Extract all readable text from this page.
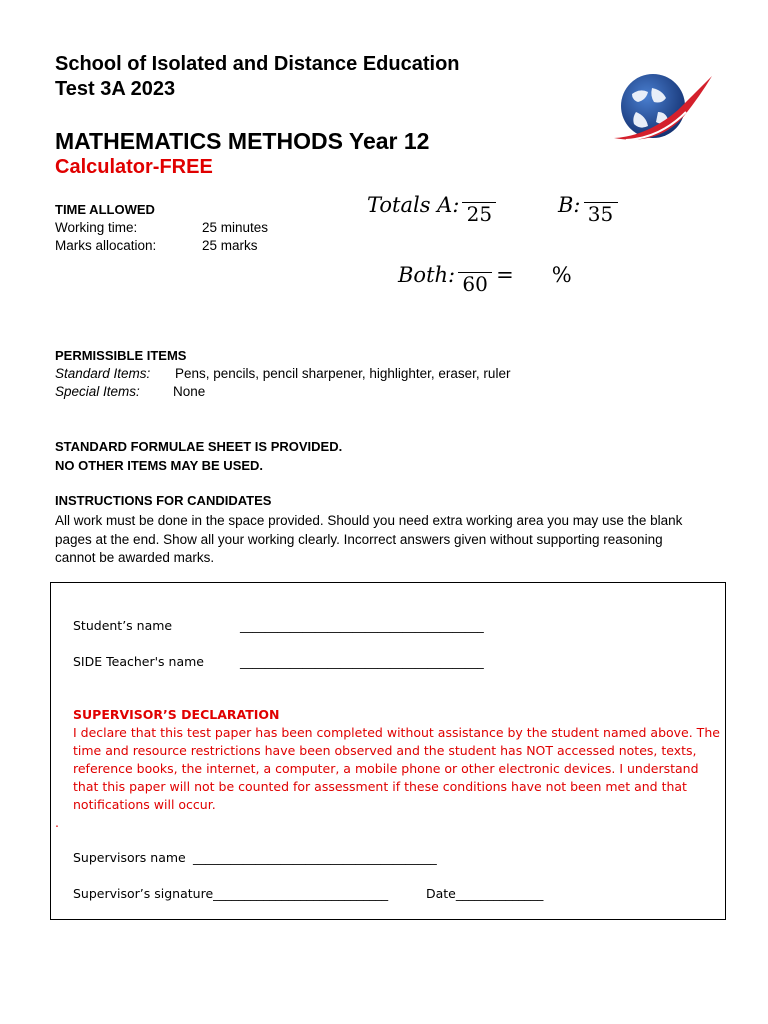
School of Isolated and Distance Education
Test 3A 2023
MATHEMATICS METHODS Year 12
Calculator-FREE
Totals A: 25	B: 35
Both: 60 = %
TIME ALLOWED
Working time:	25 minutes
Marks allocation:	25 marks
PERMISSIBLE ITEMS
Standard Items: Pens, pencils, pencil sharpener, highlighter, eraser, ruler
Special Items: None
STANDARD FORMULAE SHEET IS PROVIDED.
NO OTHER ITEMS MAY BE USED.
INSTRUCTIONS FOR CANDIDATES
All work must be done in the space provided. Should you need extra working area you may use the blank
pages at the end. Show all your working clearly. Incorrect answers given without supporting reasoning
cannot be awarded marks.
Student’s name	_______________________________________
SIDE Teacher's name	_______________________________________
SUPERVISOR’S DECLARATION
I declare that this test paper has been completed without assistance by the student named above. The
time and resource restrictions have been observed and the student has NOT accessed notes, texts,
reference books, the internet, a computer, a mobile phone or other electronic devices. I understand
that this paper will not be counted for assessment if these conditions have not been met and that
notifications will occur.
.
Supervisors name _______________________________________
Supervisor’s signature____________________________	Date______________
